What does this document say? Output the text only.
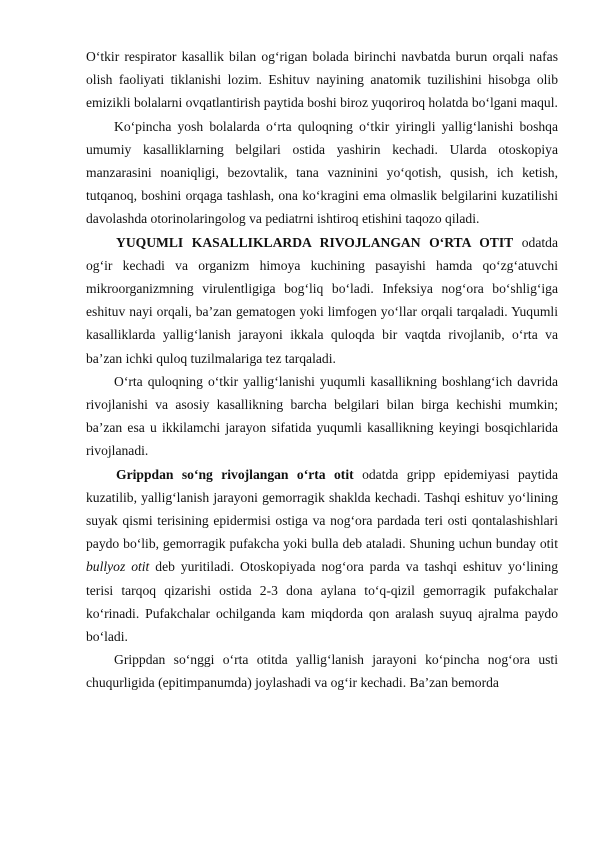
O‘tkir respirator kasallik bilan og‘rigan bolada birinchi navbatda burun orqali nafas olish faoliyati tiklanishi lozim. Eshituv nayining anatomik tuzilishini hisobga olib emizikli bolalarni ovqatlantirish paytida boshi biroz yuqoriroq holatda bo‘lgani maqul.

Ko‘pincha yosh bolalarda o‘rta quloqning o‘tkir yiringli yallig‘lanishi boshqa umumiy kasalliklarning belgilari ostida yashirin kechadi. Ularda otoskopiya manzarasini noaniqligi, bezovtalik, tana vazninini yo‘qotish, qusish, ich ketish, tutqanoq, boshini orqaga tashlash, ona ko‘kragini ema olmaslik belgilarini kuzatilishi davolashda otorinolaringolog va pediatrni ishtiroq etishini taqozo qiladi.

YUQUMLI KASALLIKLARDA RIVOJLANGAN O‘RTA OTIT odatda og‘ir kechadi va organizm himoya kuchining pasayishi hamda qo‘zg‘atuvchi mikroorganizmning virulentligiga bog‘liq bo‘ladi. Infeksiya nog‘ora bo‘shlig‘iga eshituv nayi orqali, ba’zan gematogen yoki limfogen yo‘llar orqali tarqaladi. Yuqumli kasalliklarda yallig‘lanish jarayoni ikkala quloqda bir vaqtda rivojlanib, o‘rta va ba’zan ichki quloq tuzilmalariga tez tarqaladi.

O‘rta quloqning o‘tkir yallig‘lanishi yuqumli kasallikning boshlang‘ich davrida rivojlanishi va asosiy kasallikning barcha belgilari bilan birga kechishi mumkin; ba’zan esa u ikkilamchi jarayon sifatida yuqumli kasallikning keyingi bosqichlarida rivojlanadi.

Grippdan so‘ng rivojlangan o‘rta otit odatda gripp epidemiyasi paytida kuzatilib, yallig‘lanish jarayoni gemorragik shaklda kechadi. Tashqi eshituv yo‘lining suyak qismi terisining epidermisi ostiga va nog‘ora pardada teri osti qontalashishlari paydo bo‘lib, gemorragik pufakcha yoki bulla deb ataladi. Shuning uchun bunday otit bullyoz otit deb yuritiladi. Otoskopiyada nog‘ora parda va tashqi eshituv yo‘lining terisi tarqoq qizarishi ostida 2-3 dona aylana to‘q-qizil gemorragik pufakchalar ko‘rinadi. Pufakchalar ochilganda kam miqdorda qon aralash suyuq ajralma paydo bo‘ladi.

Grippdan so‘nggi o‘rta otitda yallig‘lanish jarayoni ko‘pincha nog‘ora usti chuqurligida (epitimpanumda) joylashadi va og‘ir kechadi. Ba’zan bemorda
